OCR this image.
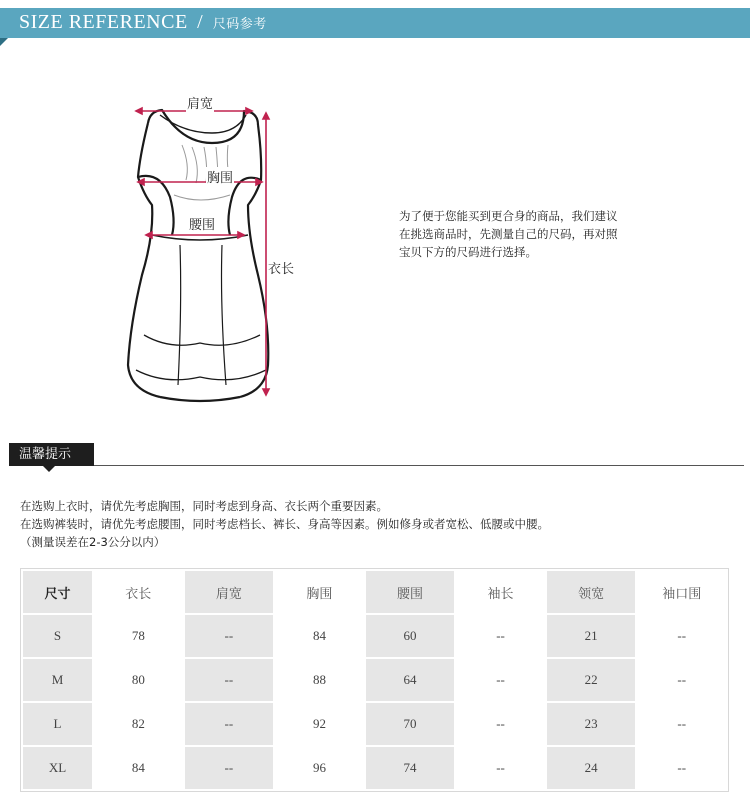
SIZE REFERENCE / 尺码参考
肩宽
胸围
腰围
衣长
为了便于您能买到更合身的商品，我们建议
在挑选商品时，先测量自己的尺码，再对照
宝贝下方的尺码进行选择。
温馨提示
在选购上衣时，请优先考虑胸围，同时考虑到身高、衣长两个重要因素。
在选购裤装时，请优先考虑腰围，同时考虑档长、裤长、身高等因素。例如修身或者宽松、低腰或中腰。
（测量误差在2-3公分以内）
尺寸	衣长	肩宽	胸围	腰围	袖长	领宽	袖口围
S	78	--	84	60	--	21	--
M	80	--	88	64	--	22	--
L	82	--	92	70	--	23	--
XL	84	--	96	74	--	24	--
